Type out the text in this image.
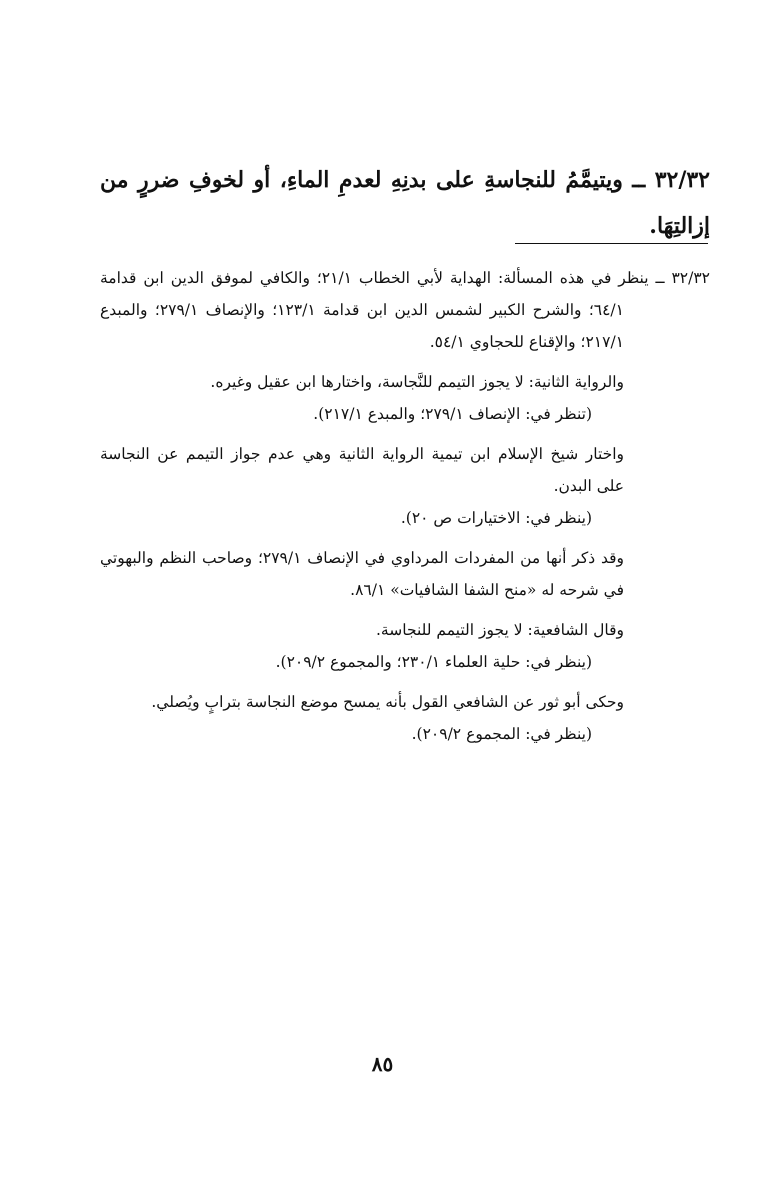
٣٢/٣٢ ــ ويتيمَّمُ للنجاسةِ على بدنِهِ لعدمِ الماءِ، أو لخوفِ ضررٍ من إزالتِهَا.

٣٢/٣٢ ــ ينظر في هذه المسألة: الهداية لأبي الخطاب ٢١/١؛ والكافي لموفق الدين ابن قدامة ٦٤/١؛ والشرح الكبير لشمس الدين ابن قدامة ١٢٣/١؛ والإنصاف ٢٧٩/١؛ والمبدع ٢١٧/١؛ والإقناع للحجاوي ٥٤/١.

والرواية الثانية: لا يجوز التيمم للنَّجاسة، واختارها ابن عقيل وغيره.

(تنظر في: الإنصاف ٢٧٩/١؛ والمبدع ٢١٧/١).

واختار شيخ الإسلام ابن تيمية الرواية الثانية وهي عدم جواز التيمم عن النجاسة على البدن.

(ينظر في: الاختيارات ص ٢٠).

وقد ذكر أنها من المفردات المرداوي في الإنصاف ٢٧٩/١؛ وصاحب النظم والبهوتي في شرحه له «منح الشفا الشافيات» ٨٦/١.

وقال الشافعية: لا يجوز التيمم للنجاسة.

(ينظر في: حلية العلماء ٢٣٠/١؛ والمجموع ٢٠٩/٢).

وحكى أبو ثور عن الشافعي القول بأنه يمسح موضع النجاسة بترابٍ ويُصلي.

(ينظر في: المجموع ٢٠٩/٢).

٨٥
